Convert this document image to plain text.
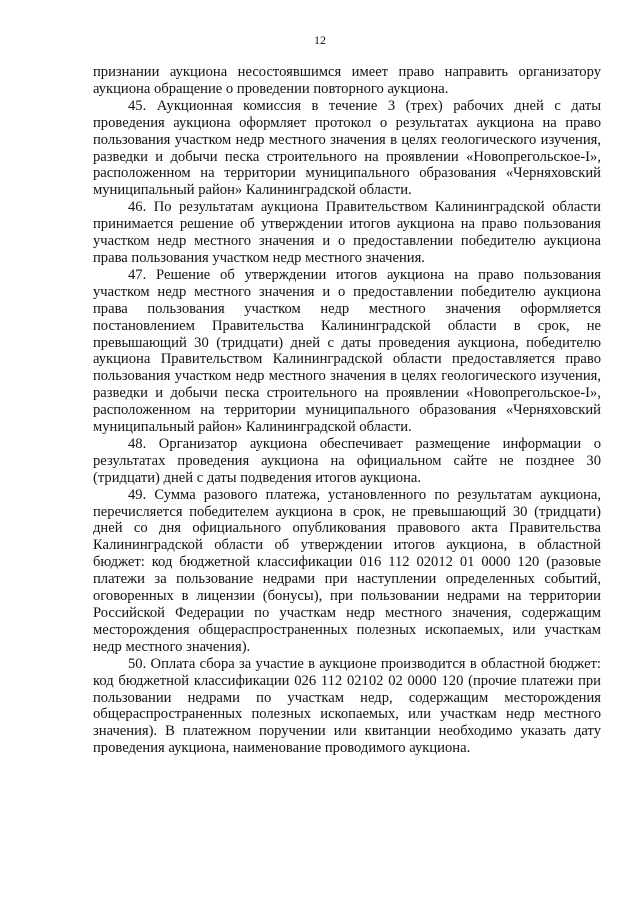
12

признании аукциона несостоявшимся имеет право направить организатору аукциона обращение о проведении повторного аукциона.

45. Аукционная комиссия в течение 3 (трех) рабочих дней с даты проведения аукциона оформляет протокол о результатах аукциона на право пользования участком недр местного значения в целях геологического изучения, разведки и добычи песка строительного на проявлении «Новопрегольское-I», расположенном на территории муниципального образования «Черняховский муниципальный район» Калининградской области.

46. По результатам аукциона Правительством Калининградской области принимается решение об утверждении итогов аукциона на право пользования участком недр местного значения и о предоставлении победителю аукциона права пользования участком недр местного значения.

47. Решение об утверждении итогов аукциона на право пользования участком недр местного значения и о предоставлении победителю аукциона права пользования участком недр местного значения оформляется постановлением Правительства Калининградской области в срок, не превышающий 30 (тридцати) дней с даты проведения аукциона, победителю аукциона Правительством Калининградской области предоставляется право пользования участком недр местного значения в целях геологического изучения, разведки и добычи песка строительного на проявлении «Новопрегольское-I», расположенном на территории муниципального образования «Черняховский муниципальный район» Калининградской области.

48. Организатор аукциона обеспечивает размещение информации о результатах проведения аукциона на официальном сайте не позднее 30 (тридцати) дней с даты подведения итогов аукциона.

49. Сумма разового платежа, установленного по результатам аукциона, перечисляется победителем аукциона в срок, не превышающий 30 (тридцати) дней со дня официального опубликования правового акта Правительства Калининградской области об утверждении итогов аукциона, в областной бюджет: код бюджетной классификации 016 112 02012 01 0000 120 (разовые платежи за пользование недрами при наступлении определенных событий, оговоренных в лицензии (бонусы), при пользовании недрами на территории Российской Федерации по участкам недр местного значения, содержащим месторождения общераспространенных полезных ископаемых, или участкам недр местного значения).

50. Оплата сбора за участие в аукционе производится в областной бюджет: код бюджетной классификации 026 112 02102 02 0000 120 (прочие платежи при пользовании недрами по участкам недр, содержащим месторождения общераспространенных полезных ископаемых, или участкам недр местного значения). В платежном поручении или квитанции необходимо указать дату проведения аукциона, наименование проводимого аукциона.
